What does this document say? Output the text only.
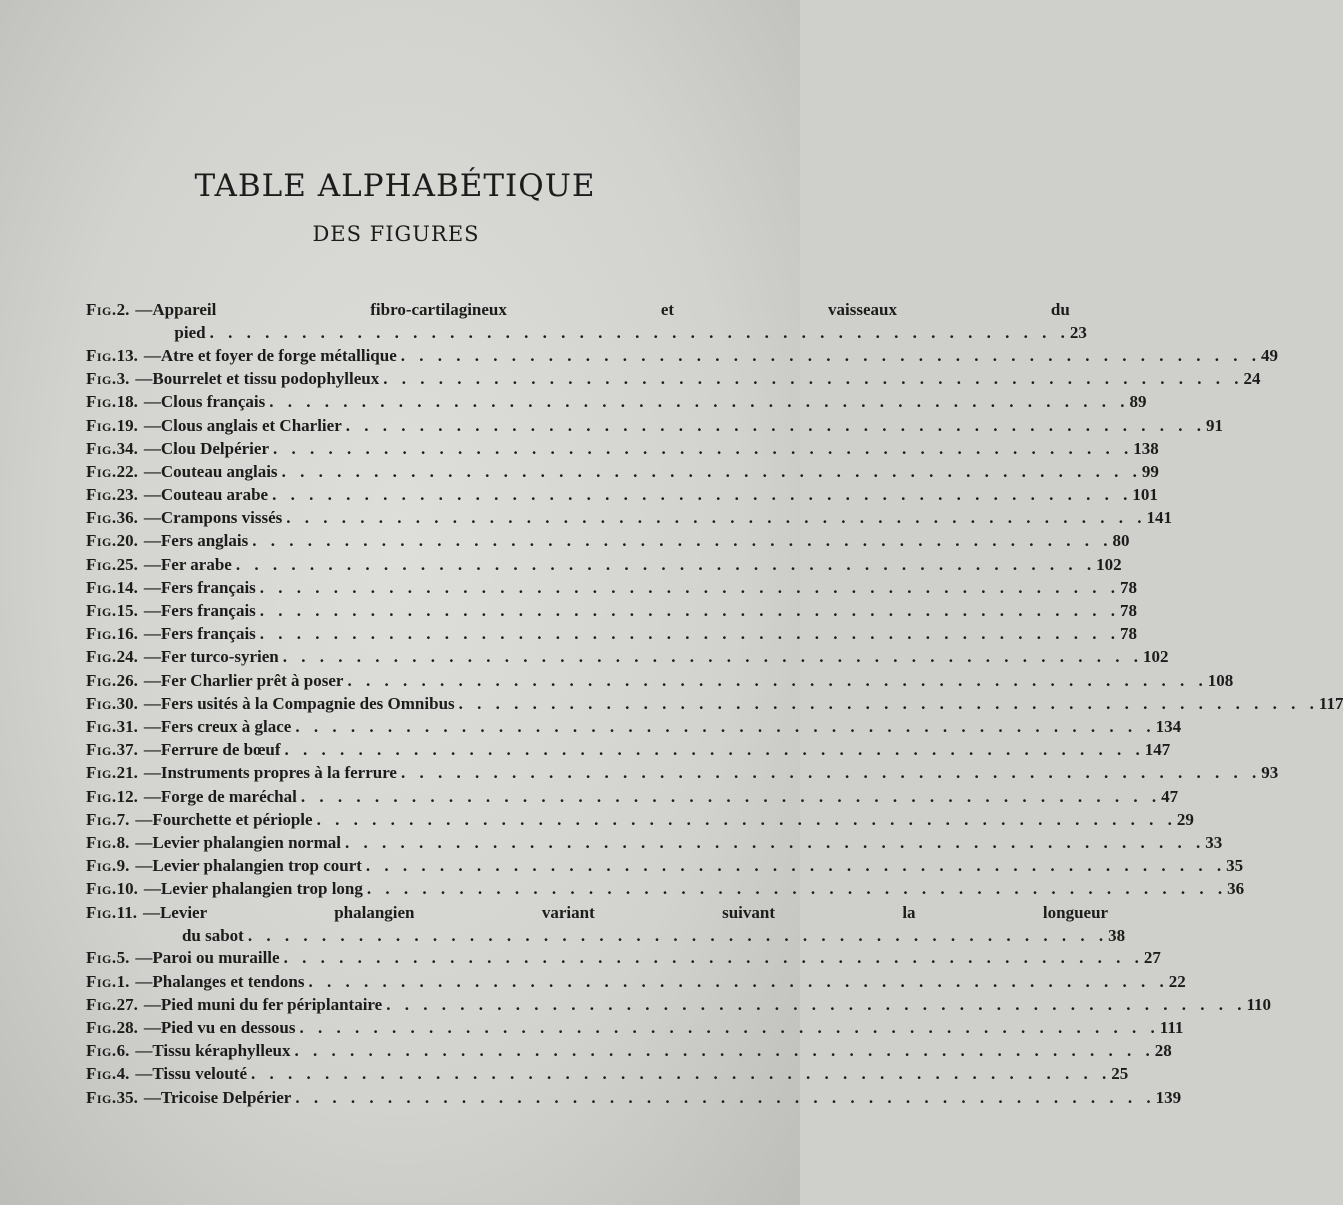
TABLE ALPHABÉTIQUE
DES FIGURES
Fig. 2. — Appareil fibro-cartilagineux et vaisseaux du
pied . . .	23
Fig. 13. — Atre et foyer de forge métallique . . .	49
Fig. 3. — Bourrelet et tissu podophylleux . . .	24
Fig. 18. — Clous français . . .	89
Fig. 19. — Clous anglais et Charlier . . .	91
Fig. 34. — Clou Delpérier . . .	138
Fig. 22. — Couteau anglais . . .	99
Fig. 23. — Couteau arabe . . .	101
Fig. 36. — Crampons vissés . . .	141
Fig. 20. — Fers anglais . . .	80
Fig. 25. — Fer arabe . . .	102
Fig. 14. — Fers français . . .	78
Fig. 15. — Fers français . . .	78
Fig. 16. — Fers français . . .	78
Fig. 24. — Fer turco-syrien . . .	102
Fig. 26. — Fer Charlier prêt à poser . . .	108
Fig. 30. — Fers usités à la Compagnie des Omnibus . . .	117
Fig. 31. — Fers creux à glace . . .	134
Fig. 37. — Ferrure de bœuf . . .	147
Fig. 21. — Instruments propres à la ferrure . . .	93
Fig. 12. — Forge de maréchal . . .	47
Fig. 7. — Fourchette et périople . . .	29
Fig. 8. — Levier phalangien normal . . .	33
Fig. 9. — Levier phalangien trop court . . .	35
Fig. 10. — Levier phalangien trop long . . .	36
Fig. 11. — Levier phalangien variant suivant la longueur
du sabot . . .	38
Fig. 5. — Paroi ou muraille . . .	27
Fig. 1. — Phalanges et tendons . . .	22
Fig. 27. — Pied muni du fer périplantaire . . .	110
Fig. 28. — Pied vu en dessous . . .	111
Fig. 6. — Tissu kéraphylleux . . .	28
Fig. 4. — Tissu velouté . . .	25
Fig. 35. — Tricoise Delpérier . . .	139
